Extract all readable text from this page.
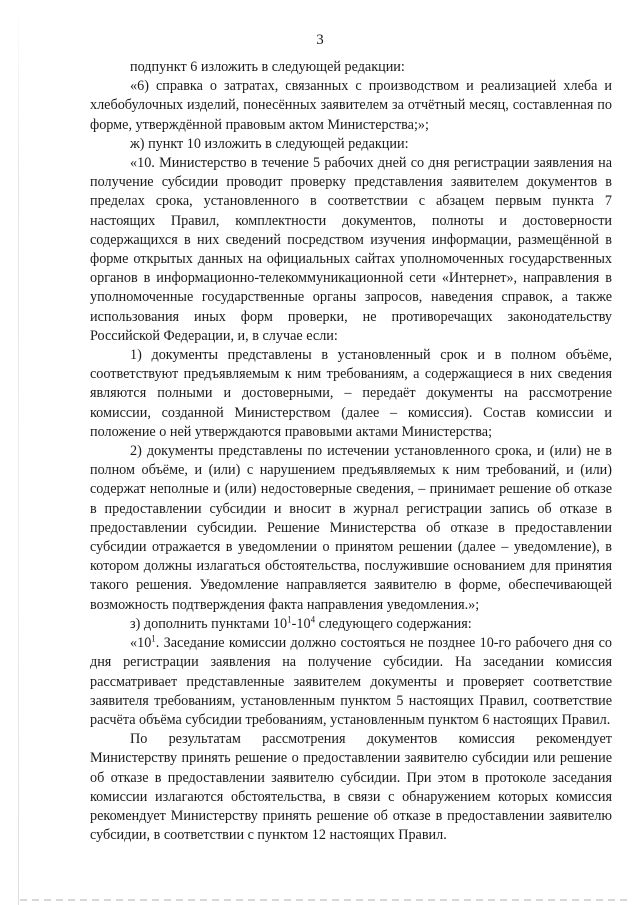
3

подпункт 6 изложить в следующей редакции:

«6) справка о затратах, связанных с производством и реализацией хлеба и хлебобулочных изделий, понесённых заявителем за отчётный месяц, составленная по форме, утверждённой правовым актом Министерства;»;

ж) пункт 10 изложить в следующей редакции:

«10. Министерство в течение 5 рабочих дней со дня регистрации заявления на получение субсидии проводит проверку представления заявителем документов в пределах срока, установленного в соответствии с абзацем первым пункта 7 настоящих Правил, комплектности документов, полноты и достоверности содержащихся в них сведений посредством изучения информации, размещённой в форме открытых данных на официальных сайтах уполномоченных государственных органов в информационно-телекоммуникационной сети «Интернет», направления в уполномоченные государственные органы запросов, наведения справок, а также использования иных форм проверки, не противоречащих законодательству Российской Федерации, и, в случае если:

1) документы представлены в установленный срок и в полном объёме, соответствуют предъявляемым к ним требованиям, а содержащиеся в них сведения являются полными и достоверными, – передаёт документы на рассмотрение комиссии, созданной Министерством (далее – комиссия). Состав комиссии и положение о ней утверждаются правовыми актами Министерства;

2) документы представлены по истечении установленного срока, и (или) не в полном объёме, и (или) с нарушением предъявляемых к ним требований, и (или) содержат неполные и (или) недостоверные сведения, – принимает решение об отказе в предоставлении субсидии и вносит в журнал регистрации запись об отказе в предоставлении субсидии. Решение Министерства об отказе в предоставлении субсидии отражается в уведомлении о принятом решении (далее – уведомление), в котором должны излагаться обстоятельства, послужившие основанием для принятия такого решения. Уведомление направляется заявителю в форме, обеспечивающей возможность подтверждения факта направления уведомления.»;

з) дополнить пунктами $10^1-10^4$ следующего содержания:

«$10^1$. Заседание комиссии должно состояться не позднее 10-го рабочего дня со дня регистрации заявления на получение субсидии. На заседании комиссия рассматривает представленные заявителем документы и проверяет соответствие заявителя требованиям, установленным пунктом 5 настоящих Правил, соответствие расчёта объёма субсидии требованиям, установленным пунктом 6 настоящих Правил.

По результатам рассмотрения документов комиссия рекомендует Министерству принять решение о предоставлении заявителю субсидии или решение об отказе в предоставлении заявителю субсидии. При этом в протоколе заседания комиссии излагаются обстоятельства, в связи с обнаружением которых комиссия рекомендует Министерству принять решение об отказе в предоставлении заявителю субсидии, в соответствии с пунктом 12 настоящих Правил.
